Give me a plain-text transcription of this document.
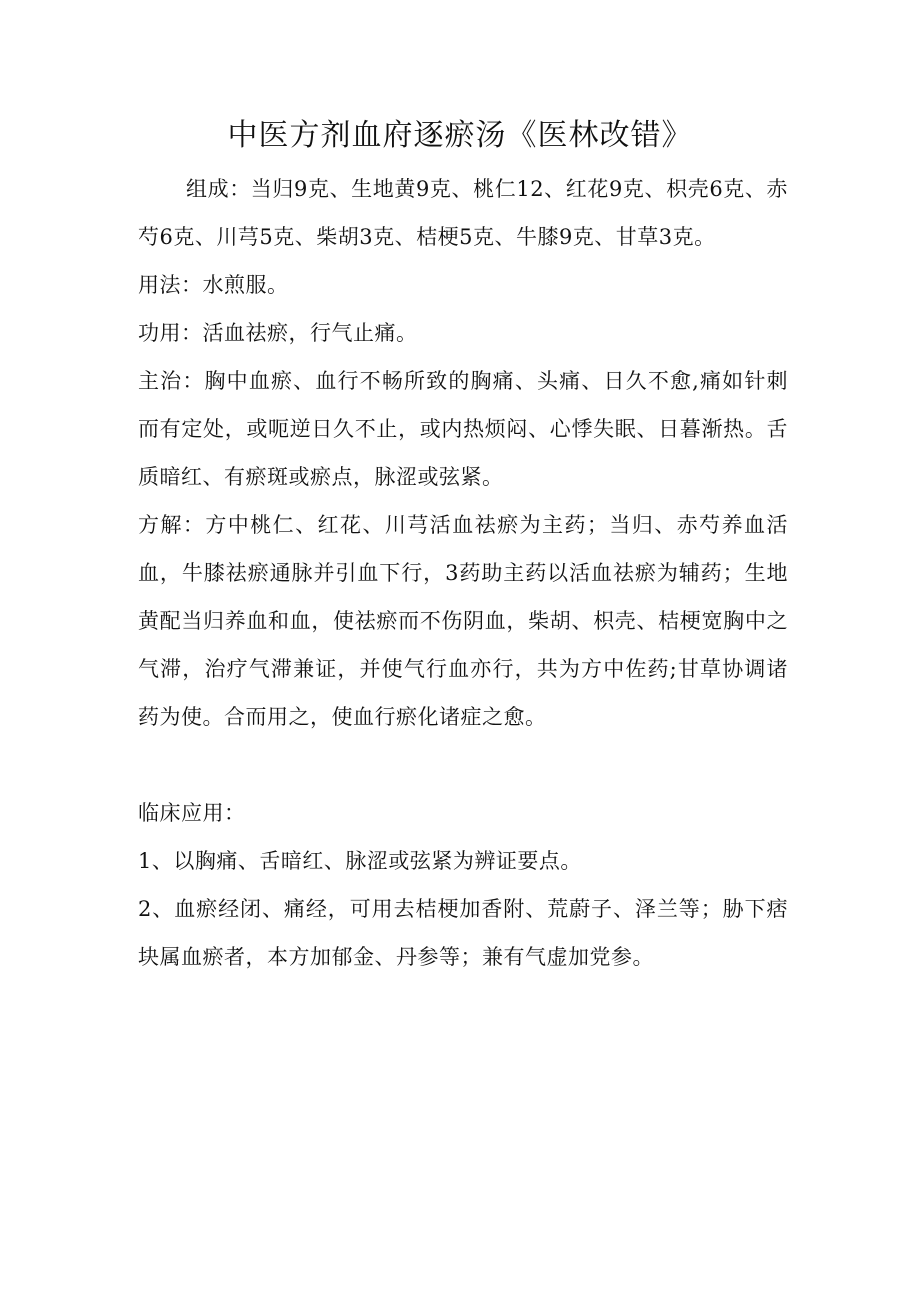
中医方剂血府逐瘀汤《医林改错》

组成：当归9克、生地黄9克、桃仁12、红花9克、枳壳6克、赤芍6克、川芎5克、柴胡3克、桔梗5克、牛膝9克、甘草3克。

用法：水煎服。

功用：活血祛瘀，行气止痛。

主治：胸中血瘀、血行不畅所致的胸痛、头痛、日久不愈,痛如针刺而有定处，或呃逆日久不止，或内热烦闷、心悸失眠、日暮渐热。舌质暗红、有瘀斑或瘀点，脉涩或弦紧。

方解：方中桃仁、红花、川芎活血祛瘀为主药；当归、赤芍养血活血，牛膝祛瘀通脉并引血下行，3药助主药以活血祛瘀为辅药；生地黄配当归养血和血，使祛瘀而不伤阴血，柴胡、枳壳、桔梗宽胸中之气滞，治疗气滞兼证，并使气行血亦行，共为方中佐药;甘草协调诸药为使。合而用之，使血行瘀化诸症之愈。

临床应用：

1、以胸痛、舌暗红、脉涩或弦紧为辨证要点。

2、血瘀经闭、痛经，可用去桔梗加香附、荒蔚子、泽兰等；胁下痞块属血瘀者，本方加郁金、丹参等；兼有气虚加党参。
